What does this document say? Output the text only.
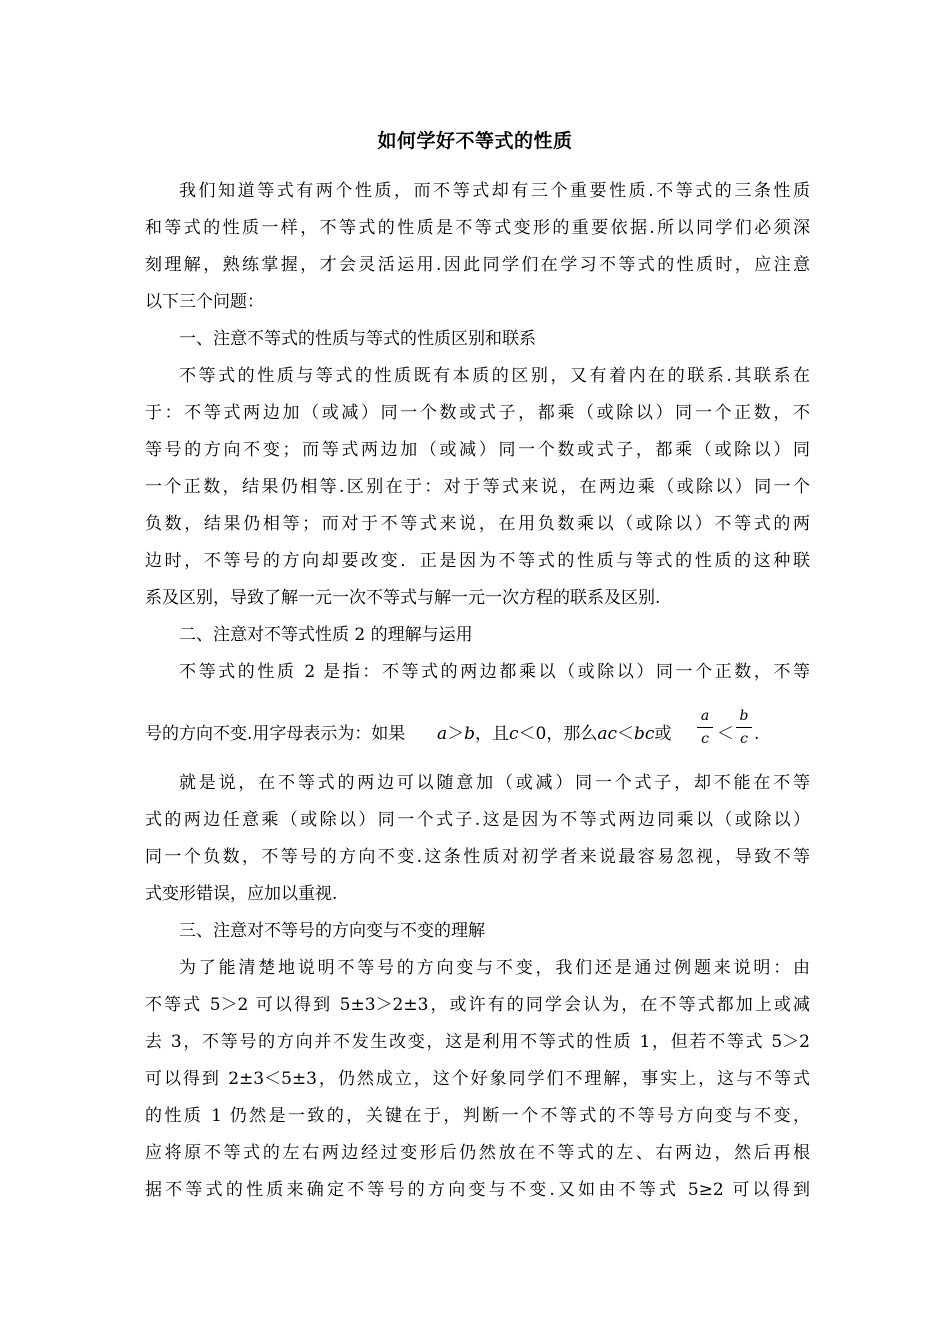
如何学好不等式的性质
我们知道等式有两个性质，而不等式却有三个重要性质.不等式的三条性质
和等式的性质一样，不等式的性质是不等式变形的重要依据.所以同学们必须深
刻理解，熟练掌握，才会灵活运用.因此同学们在学习不等式的性质时，应注意
以下三个问题：
一、注意不等式的性质与等式的性质区别和联系
不等式的性质与等式的性质既有本质的区别，又有着内在的联系.其联系在
于：不等式两边加（或减）同一个数或式子，都乘（或除以）同一个正数，不
等号的方向不变；而等式两边加（或减）同一个数或式子，都乘（或除以）同
一个正数，结果仍相等.区别在于：对于等式来说，在两边乘（或除以）同一个
负数，结果仍相等；而对于不等式来说，在用负数乘以（或除以）不等式的两
边时，不等号的方向却要改变．正是因为不等式的性质与等式的性质的这种联
系及区别，导致了解一元一次不等式与解一元一次方程的联系及区别.
二、注意对不等式性质 2 的理解与运用
不等式的性质 2 是指：不等式的两边都乘以（或除以）同一个正数，不等
号的方向不变.用字母表示为：如果 a＞b，且c＜0，那么ac＜bc或
a
c ＜
b
c .
就是说，在不等式的两边可以随意加（或减）同一个式子，却不能在不等
式的两边任意乘（或除以）同一个式子.这是因为不等式两边同乘以（或除以）
同一个负数，不等号的方向不变.这条性质对初学者来说最容易忽视，导致不等
式变形错误，应加以重视.
三、注意对不等号的方向变与不变的理解
为了能清楚地说明不等号的方向变与不变，我们还是通过例题来说明：由
不等式 5＞2 可以得到 5±3＞2±3，或许有的同学会认为，在不等式都加上或减
去 3，不等号的方向并不发生改变，这是利用不等式的性质 1，但若不等式 5＞2
可以得到 2±3＜5±3，仍然成立，这个好象同学们不理解，事实上，这与不等式
的性质 1 仍然是一致的，关键在于，判断一个不等式的不等号方向变与不变，
应将原不等式的左右两边经过变形后仍然放在不等式的左、右两边，然后再根
据不等式的性质来确定不等号的方向变与不变.又如由不等式 5≥2 可以得到
